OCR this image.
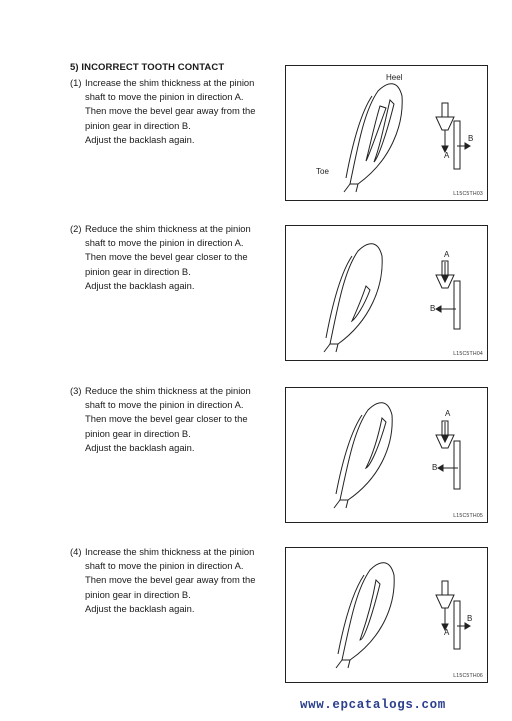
5) INCORRECT TOOTH CONTACT
(1) Increase the shim thickness at the pinion
shaft to move the pinion in direction A.
Then move the bevel gear away from the
pinion gear in direction B.
Adjust the backlash again.
Heel
Toe
A
B
L15C5TH03
(2) Reduce the shim thickness at the pinion
shaft to move the pinion in direction A.
Then move the bevel gear closer to the
pinion gear in direction B.
Adjust the backlash again.
A
B
L15C5TH04
(3) Reduce the shim thickness at the pinion
shaft to move the pinion in direction A.
Then move the bevel gear closer to the
pinion gear in direction B.
Adjust the backlash again.
A
B
L15C5TH05
(4) Increase the shim thickness at the pinion
shaft to move the pinion in direction A.
Then move the bevel gear away from the
pinion gear in direction B.
Adjust the backlash again.
A
B
L15C5TH06
www.epcatalogs.com
